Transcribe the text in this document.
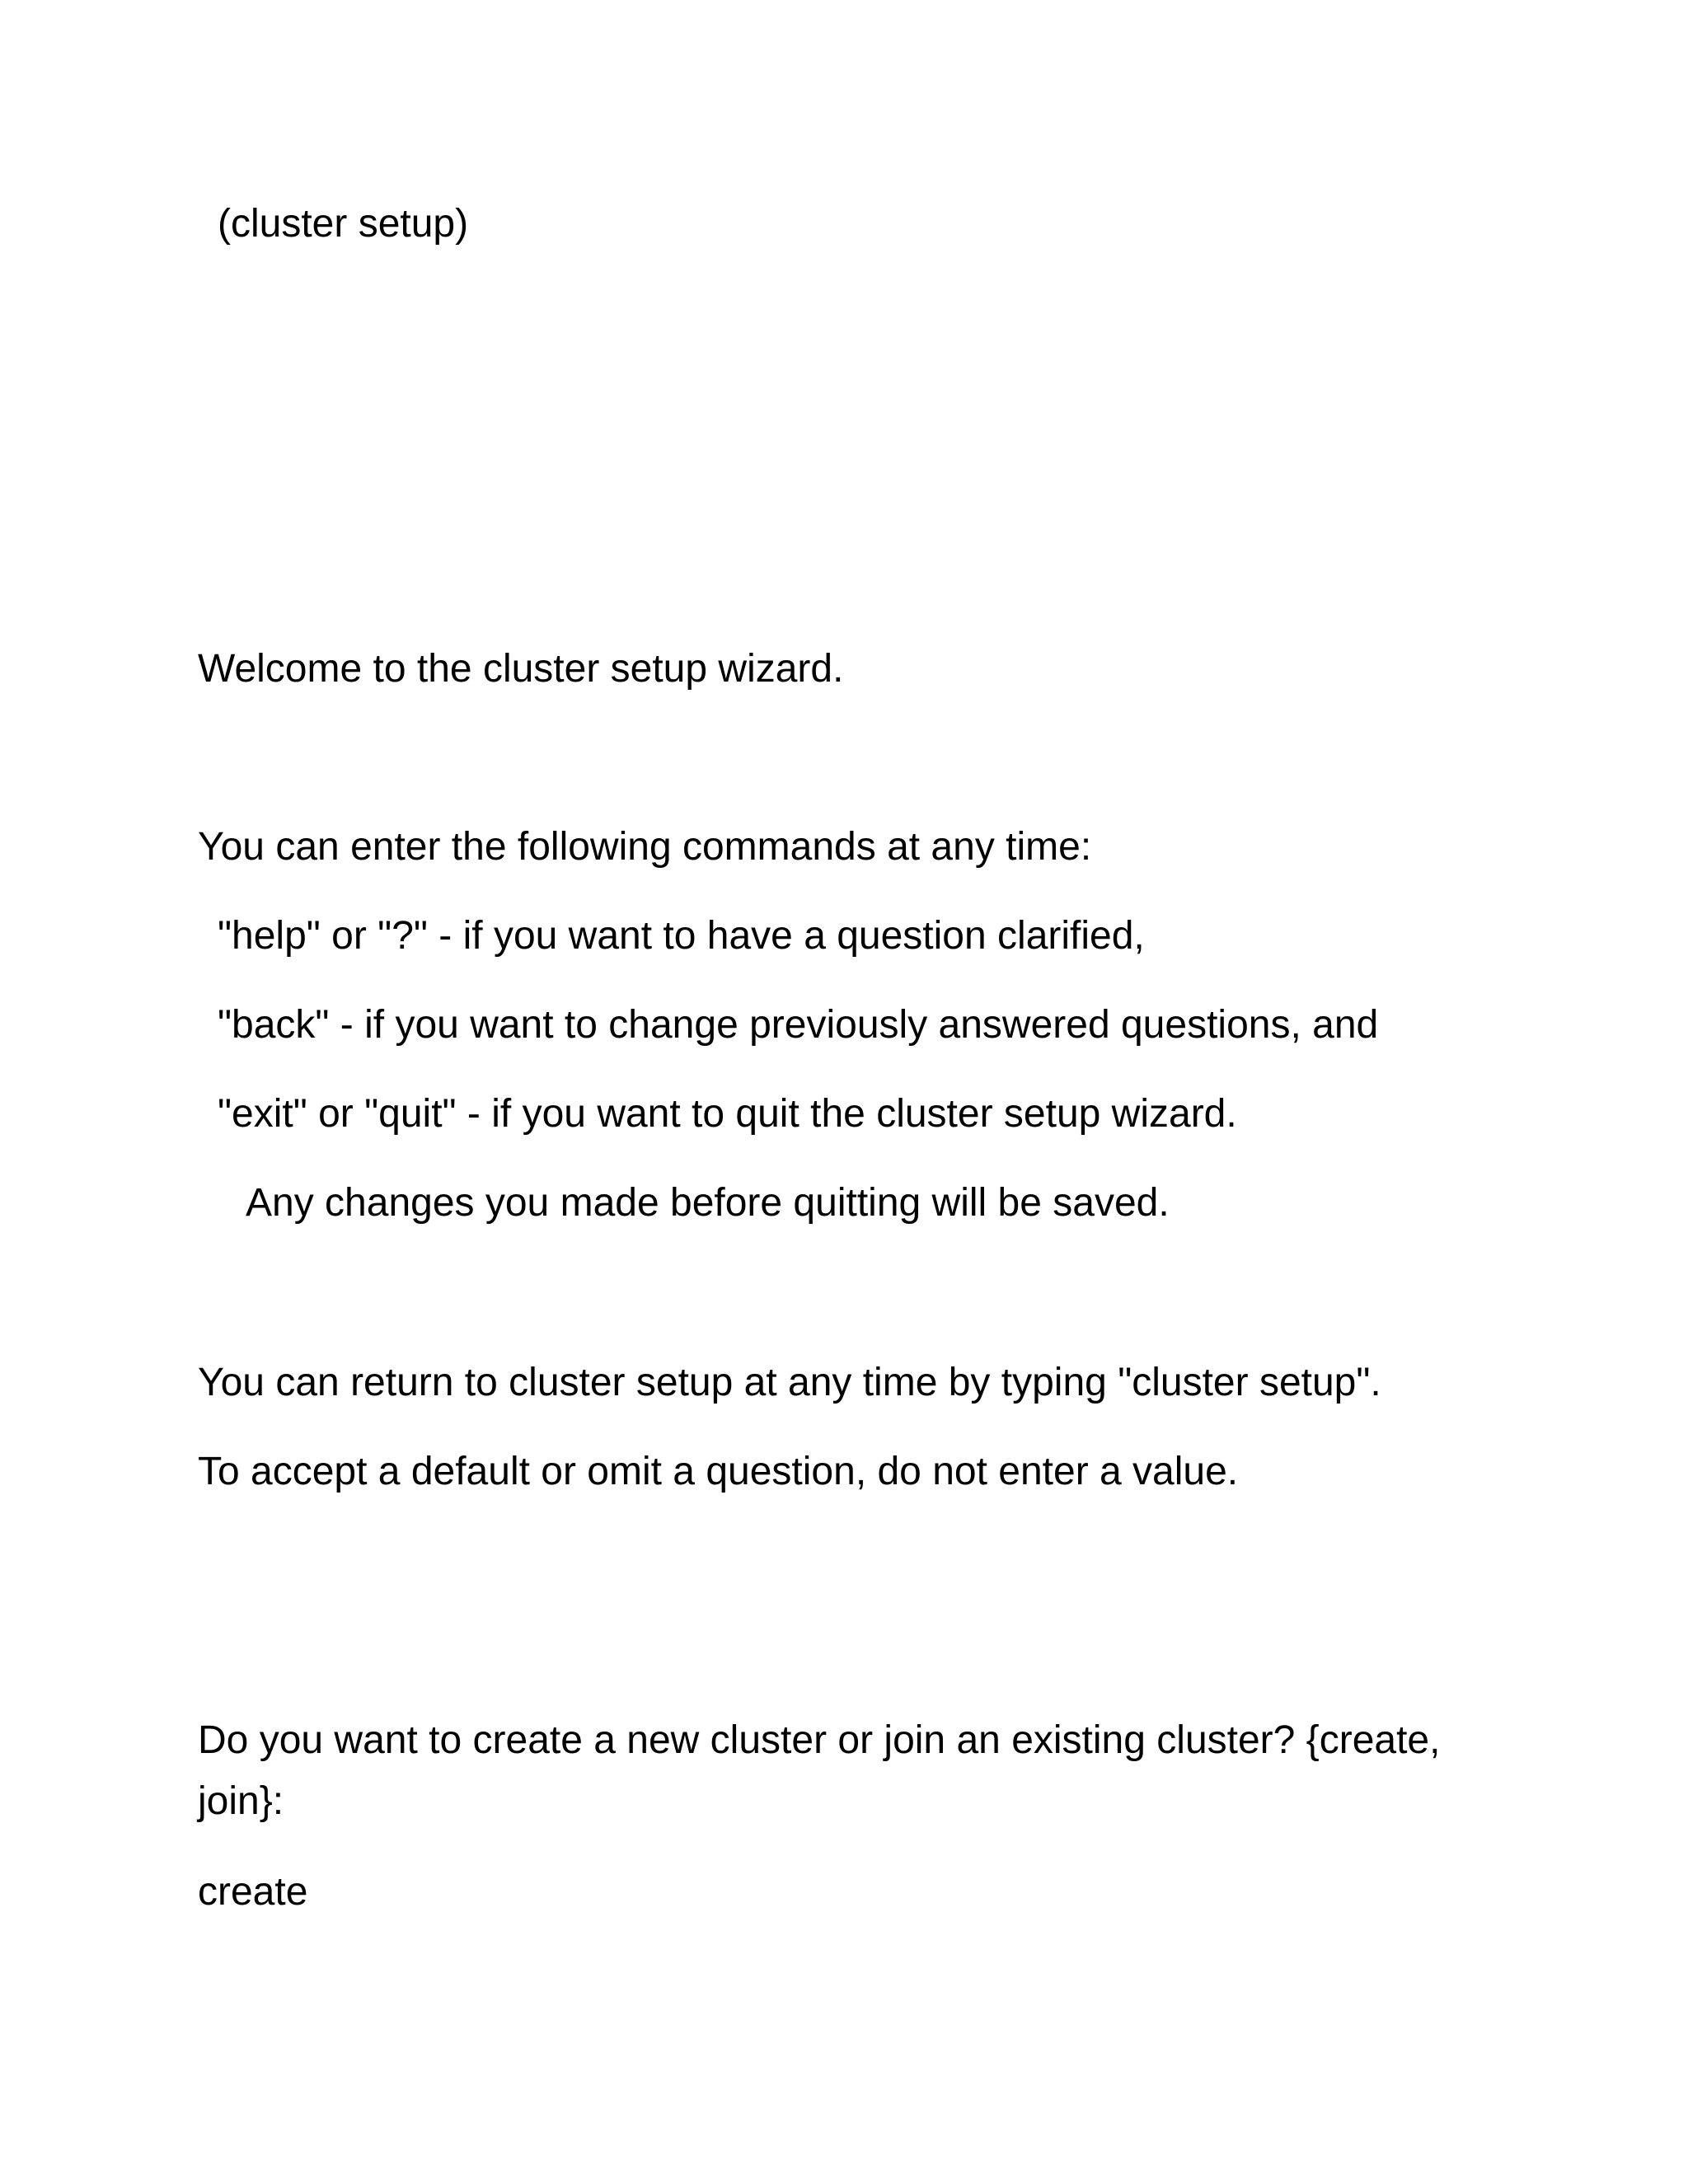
(cluster setup)

Welcome to the cluster setup wizard.

You can enter the following commands at any time:

"help" or "?" - if you want to have a question clarified,

"back" - if you want to change previously answered questions, and

"exit" or "quit" - if you want to quit the cluster setup wizard.

Any changes you made before quitting will be saved.

You can return to cluster setup at any time by typing "cluster setup".

To accept a default or omit a question, do not enter a value.

Do you want to create a new cluster or join an existing cluster? {create,

join}:

create
